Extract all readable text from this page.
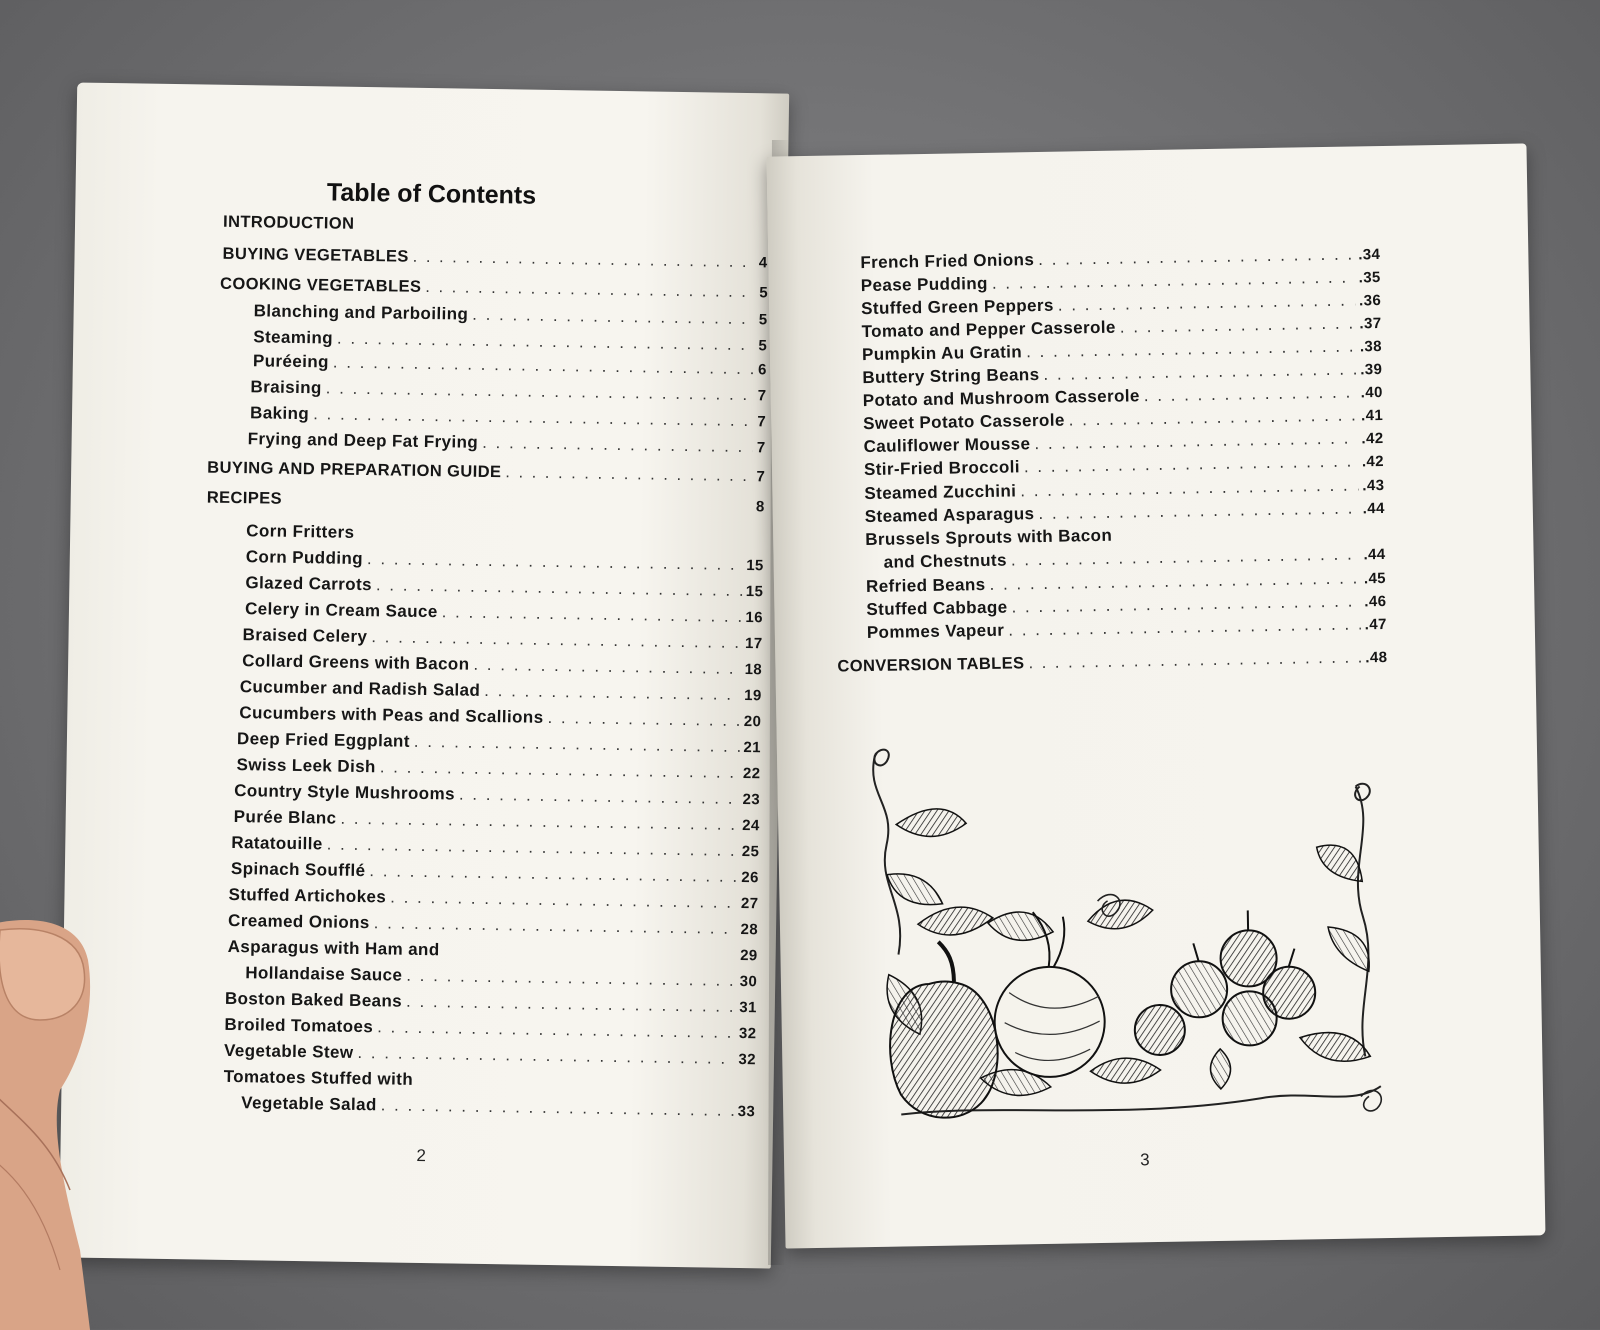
Table of Contents
INTRODUCTION
BUYING VEGETABLES . . .	4
COOKING VEGETABLES . . .	5
Blanching and Parboiling . . .	5
Steaming . . .	5
Puréeing . . .	6
Braising . . .	7
Baking . . .	7
Frying and Deep Fat Frying . . .	7
BUYING AND PREPARATION GUIDE . . .	7
RECIPES	8
Corn Fritters
Corn Pudding . . .	15
Glazed Carrots . . .	15
Celery in Cream Sauce . . .	16
Braised Celery . . .	17
Collard Greens with Bacon . . .	18
Cucumber and Radish Salad . . .	19
Cucumbers with Peas and Scallions . . .	20
Deep Fried Eggplant . . .	21
Swiss Leek Dish . . .	22
Country Style Mushrooms . . .	23
Purée Blanc . . .	24
Ratatouille . . .	25
Spinach Soufflé . . .	26
Stuffed Artichokes . . .	27
Creamed Onions . . .	28
Asparagus with Ham and	29
Hollandaise Sauce . . .	30
Boston Baked Beans . . .	31
Broiled Tomatoes . . .	32
Vegetable Stew . . .	32
Tomatoes Stuffed with
Vegetable Salad . . .	33
2
French Fried Onions . . .	.34
Pease Pudding . . .	.35
Stuffed Green Peppers . . .	.36
Tomato and Pepper Casserole . . .	.37
Pumpkin Au Gratin . . .	.38
Buttery String Beans . . .	.39
Potato and Mushroom Casserole . . .	.40
Sweet Potato Casserole . . .	.41
Cauliflower Mousse . . .	.42
Stir-Fried Broccoli . . .	.42
Steamed Zucchini . . .	.43
Steamed Asparagus . . .	.44
Brussels Sprouts with Bacon
and Chestnuts . . .	.44
Refried Beans . . .	.45
Stuffed Cabbage . . .	.46
Pommes Vapeur . . .	.47
CONVERSION TABLES . . .	.48
3
